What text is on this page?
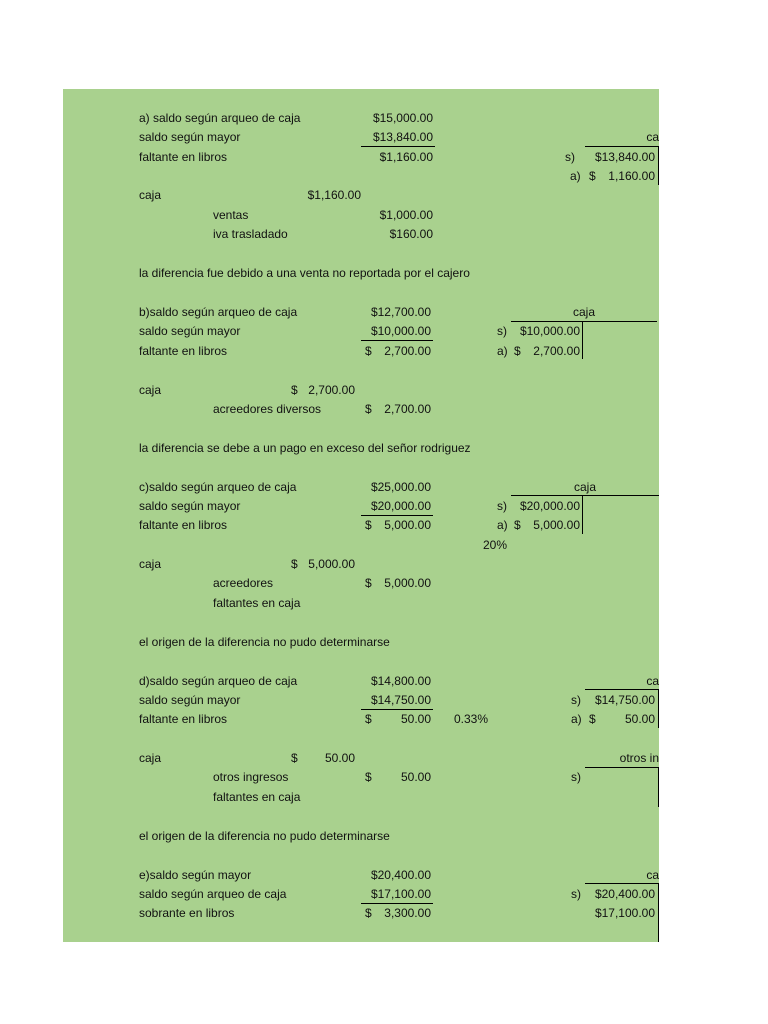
a) saldo según arqueo de caja	$15,000.00
saldo según mayor	$13,840.00
faltante en libros	$1,160.00
ca
s)	$13,840.00
a) $	1,160.00
caja	$1,160.00
ventas	$1,000.00
iva trasladado	$160.00
la diferencia fue debido a una venta no reportada por el cajero
b)saldo según arqueo de caja	$12,700.00
saldo según mayor	$10,000.00
faltante en libros	$	2,700.00
caja
s)	$10,000.00
a) $	2,700.00
caja	$ 2,700.00
acreedores diversos	$	2,700.00
la diferencia se debe a un pago en exceso del señor rodriguez
c)saldo según arqueo de caja	$25,000.00
saldo según mayor	$20,000.00
faltante en libros	$	5,000.00
caja
s)	$20,000.00
a) $	5,000.00
20%
caja	$ 5,000.00
acreedores	$	5,000.00
faltantes en caja
el origen de la diferencia no pudo determinarse
d)saldo según arqueo de caja	$14,800.00
saldo según mayor	$14,750.00
faltante en libros	$	50.00 0.33%
ca
s)	$14,750.00
a) $	50.00
otros in
s)
caja	$	50.00
otros ingresos	$	50.00
faltantes en caja
el origen de la diferencia no pudo determinarse
e)saldo según mayor	$20,400.00
saldo según arqueo de caja	$17,100.00
sobrante en libros	$	3,300.00
ca
s)	$20,400.00
$17,100.00
